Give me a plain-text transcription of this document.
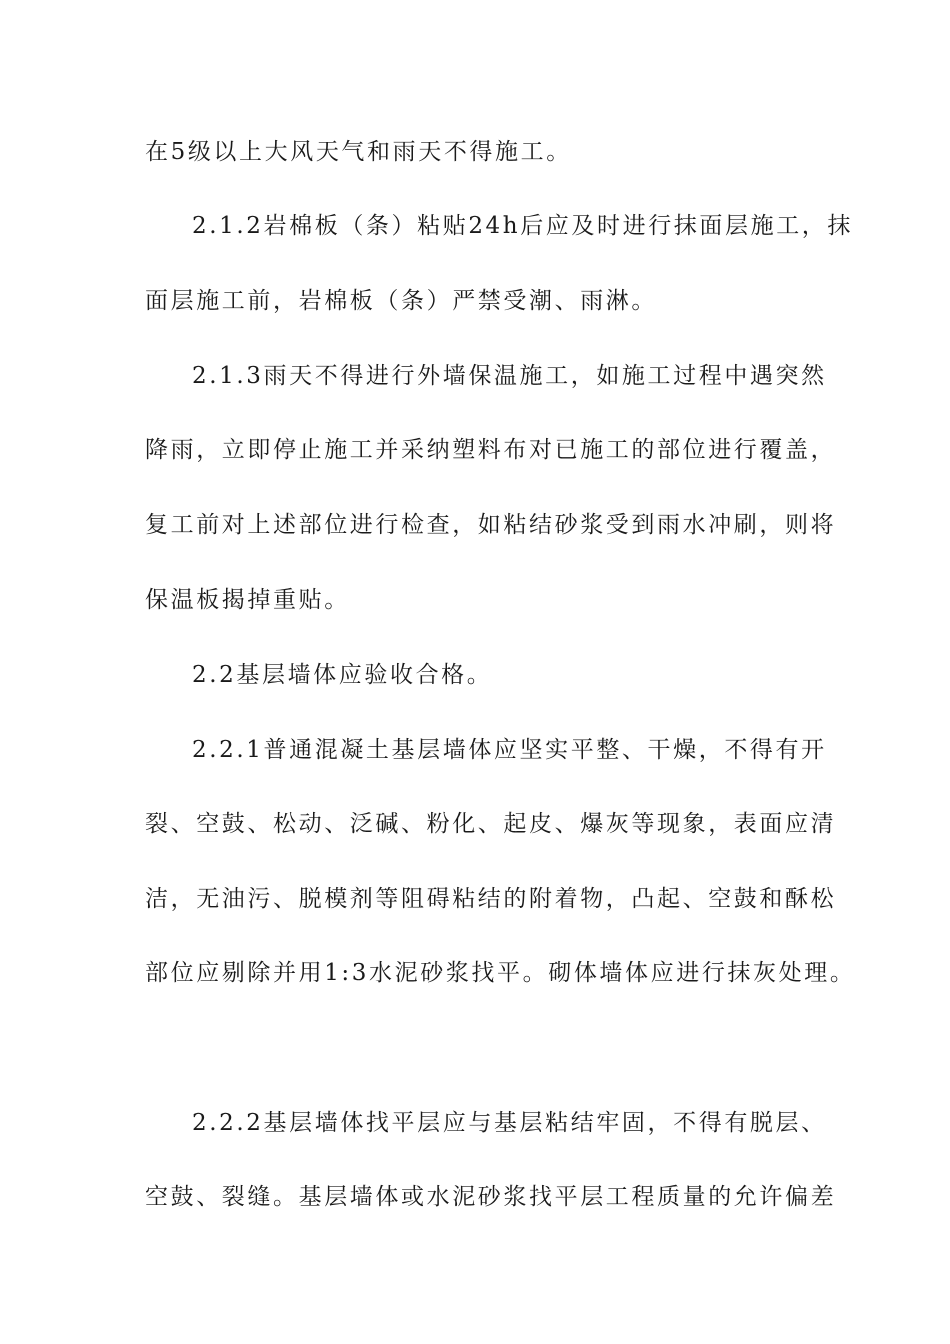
在5级以上大风天气和雨天不得施工。
2.1.2岩棉板（条）粘贴24h后应及时进行抹面层施工，抹
面层施工前，岩棉板（条）严禁受潮、雨淋。
2.1.3雨天不得进行外墙保温施工，如施工过程中遇突然
降雨，立即停止施工并采纳塑料布对已施工的部位进行覆盖，
复工前对上述部位进行检查，如粘结砂浆受到雨水冲刷，则将
保温板揭掉重贴。
2.2基层墙体应验收合格。
2.2.1普通混凝土基层墙体应坚实平整、干燥，不得有开
裂、空鼓、松动、泛碱、粉化、起皮、爆灰等现象，表面应清
洁，无油污、脱模剂等阻碍粘结的附着物，凸起、空鼓和酥松
部位应剔除并用1:3水泥砂浆找平。砌体墙体应进行抹灰处理。
2.2.2基层墙体找平层应与基层粘结牢固，不得有脱层、
空鼓、裂缝。基层墙体或水泥砂浆找平层工程质量的允许偏差
